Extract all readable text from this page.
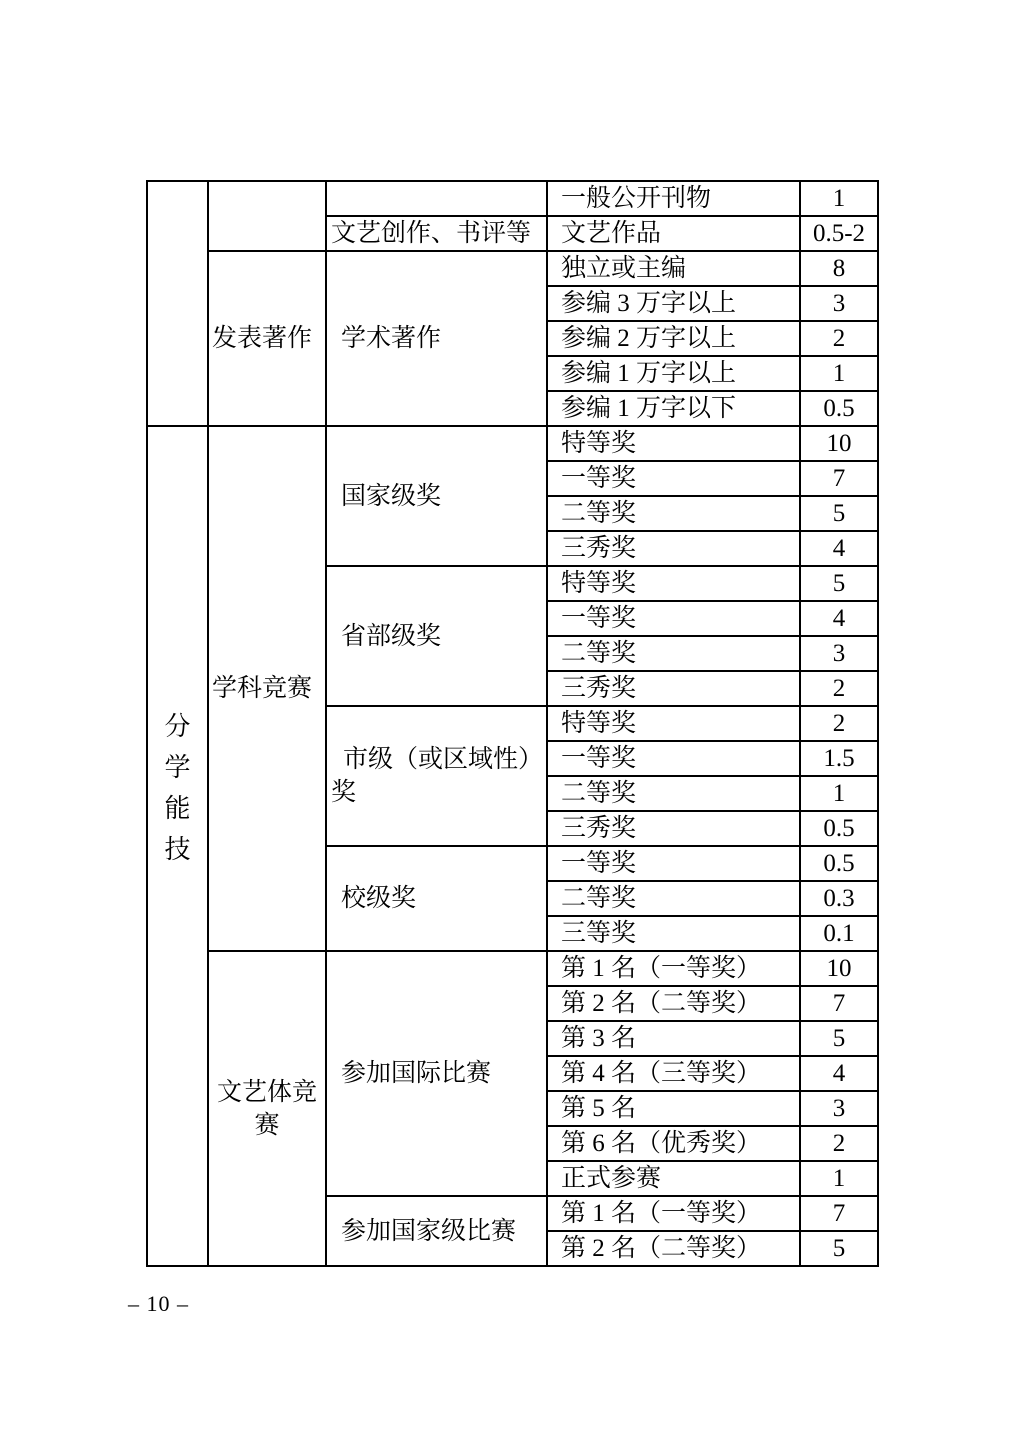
			一般公开刊物	1
		文艺创作、书评等	文艺作品	0.5-2
	发表著作	学术著作	独立或主编	8
			参编 3 万字以上	3
			参编 2 万字以上	2
			参编 1 万字以上	1
			参编 1 万字以下	0.5

分学能技	学科竞赛	国家级奖	特等奖	10
			一等奖	7
			二等奖	5
			三秀奖	4
		省部级奖	特等奖	5
			一等奖	4
			二等奖	3
			三秀奖	2
		市级（或区域性）奖	特等奖	2
			一等奖	1.5
			二等奖	1
			三秀奖	0.5
		校级奖	一等奖	0.5
			二等奖	0.3
			三等奖	0.1
	文艺体竞赛	参加国际比赛	第 1 名（一等奖）	10
			第 2 名（二等奖）	7
			第 3 名	5
			第 4 名（三等奖）	4
			第 5 名	3
			第 6 名（优秀奖）	2
			正式参赛	1
		参加国家级比赛	第 1 名（一等奖）	7
			第 2 名（二等奖）	5
– 10 –
